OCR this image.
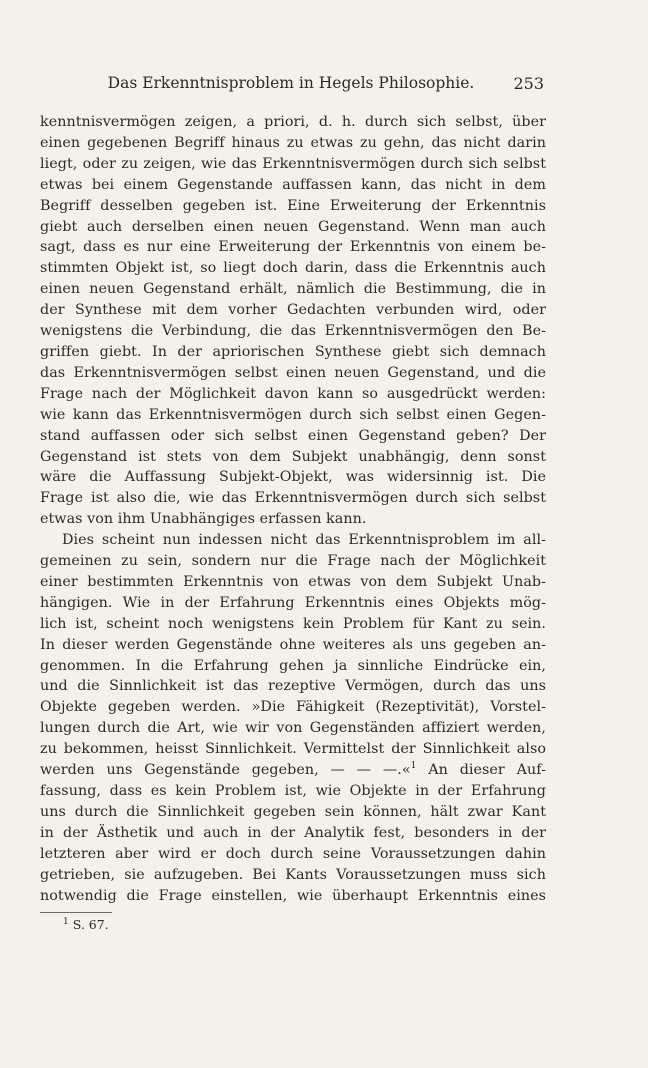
Das Erkenntnisproblem in Hegels Philosophie.	253
kenntnisvermögen zeigen, a priori, d. h. durch sich selbst, über
einen gegebenen Begriff hinaus zu etwas zu gehn, das nicht darin
liegt, oder zu zeigen, wie das Erkenntnisvermögen durch sich selbst
etwas bei einem Gegenstande auffassen kann, das nicht in dem
Begriff desselben gegeben ist. Eine Erweiterung der Erkenntnis
giebt auch derselben einen neuen Gegenstand. Wenn man auch
sagt, dass es nur eine Erweiterung der Erkenntnis von einem be-
stimmten Objekt ist, so liegt doch darin, dass die Erkenntnis auch
einen neuen Gegenstand erhält, nämlich die Bestimmung, die in
der Synthese mit dem vorher Gedachten verbunden wird, oder
wenigstens die Verbindung, die das Erkenntnisvermögen den Be-
griffen giebt. In der apriorischen Synthese giebt sich demnach
das Erkenntnisvermögen selbst einen neuen Gegenstand, und die
Frage nach der Möglichkeit davon kann so ausgedrückt werden:
wie kann das Erkenntnisvermögen durch sich selbst einen Gegen-
stand auffassen oder sich selbst einen Gegenstand geben? Der
Gegenstand ist stets von dem Subjekt unabhängig, denn sonst
wäre die Auffassung Subjekt-Objekt, was widersinnig ist. Die
Frage ist also die, wie das Erkenntnisvermögen durch sich selbst
etwas von ihm Unabhängiges erfassen kann.
Dies scheint nun indessen nicht das Erkenntnisproblem im all-
gemeinen zu sein, sondern nur die Frage nach der Möglichkeit
einer bestimmten Erkenntnis von etwas von dem Subjekt Unab-
hängigen. Wie in der Erfahrung Erkenntnis eines Objekts mög-
lich ist, scheint noch wenigstens kein Problem für Kant zu sein.
In dieser werden Gegenstände ohne weiteres als uns gegeben an-
genommen. In die Erfahrung gehen ja sinnliche Eindrücke ein,
und die Sinnlichkeit ist das rezeptive Vermögen, durch das uns
Objekte gegeben werden. »Die Fähigkeit (Rezeptivität), Vorstel-
lungen durch die Art, wie wir von Gegenständen affiziert werden,
zu bekommen, heisst Sinnlichkeit. Vermittelst der Sinnlichkeit also
werden uns Gegenstände gegeben, — — —.«$^1$ An dieser Auf-
fassung, dass es kein Problem ist, wie Objekte in der Erfahrung
uns durch die Sinnlichkeit gegeben sein können, hält zwar Kant
in der Ästhetik und auch in der Analytik fest, besonders in der
letzteren aber wird er doch durch seine Voraussetzungen dahin
getrieben, sie aufzugeben. Bei Kants Voraussetzungen muss sich
notwendig die Frage einstellen, wie überhaupt Erkenntnis eines
$^1$ S. 67.
